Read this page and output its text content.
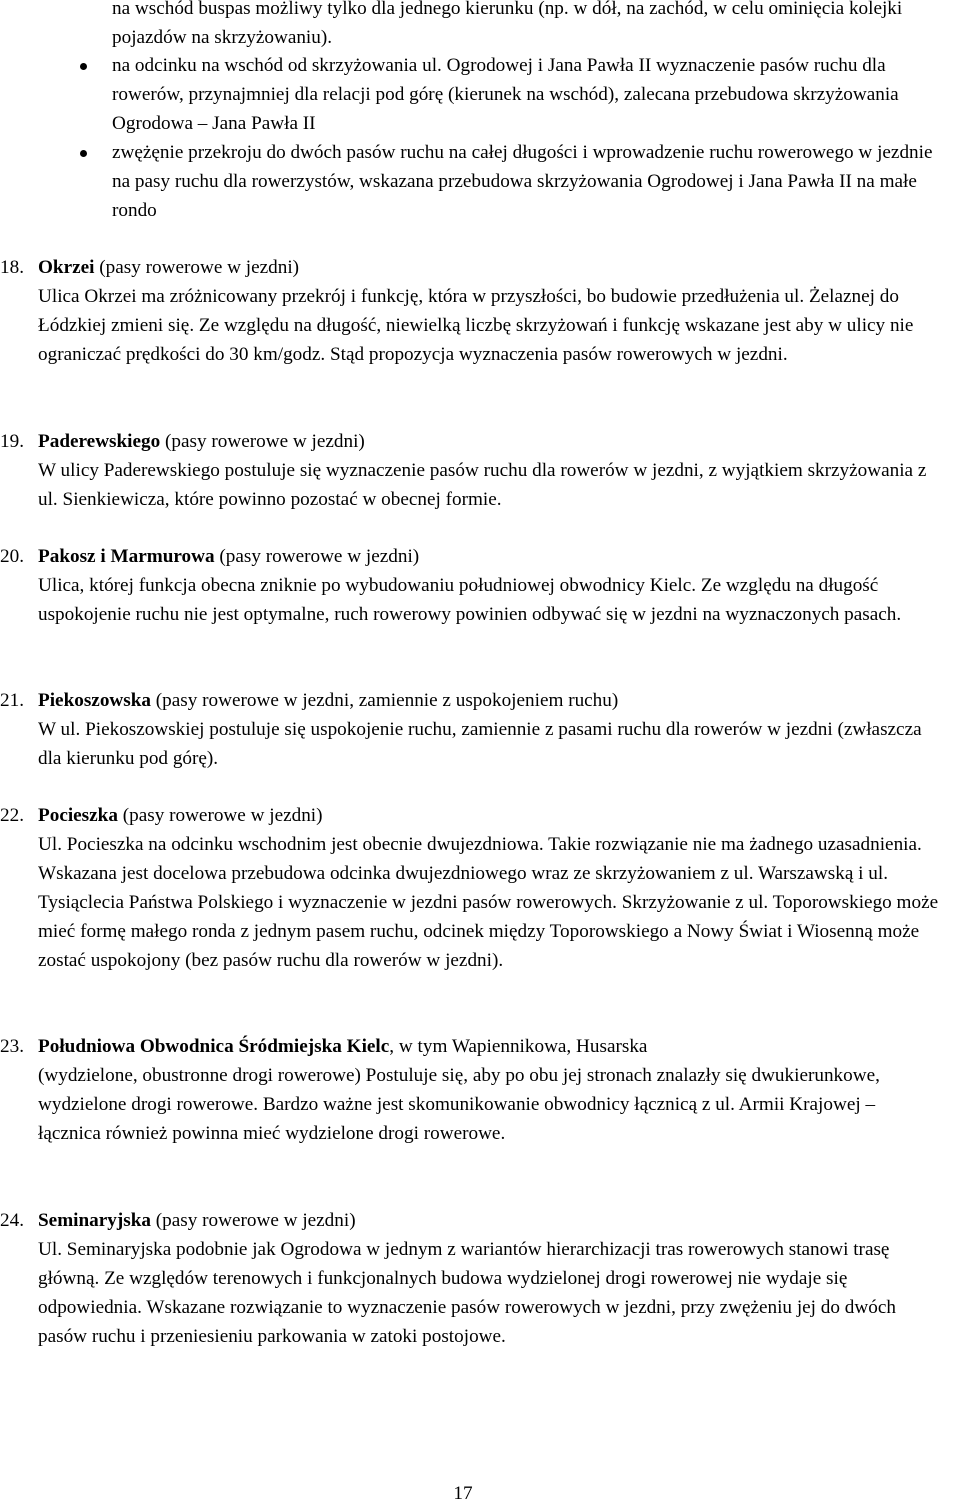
na wschód buspas możliwy tylko dla jednego kierunku (np. w dół, na zachód, w celu ominięcia kolejki pojazdów na skrzyżowaniu).

na odcinku na wschód od skrzyżowania ul. Ogrodowej i Jana Pawła II wyznaczenie pasów ruchu dla rowerów, przynajmniej dla relacji pod górę (kierunek na wschód), zalecana przebudowa skrzyżowania Ogrodowa – Jana Pawła II
zwężęnie przekroju do dwóch pasów ruchu na całej długości i wprowadzenie ruchu rowerowego w jezdnie na pasy ruchu dla rowerzystów, wskazana przebudowa skrzyżowania Ogrodowej i Jana Pawła II na małe rondo
18. Okrzei (pasy rowerowe w jezdni)
Ulica Okrzei ma zróżnicowany przekrój i funkcję, która w przyszłości, bo budowie przedłużenia ul. Żelaznej do Łódzkiej zmieni się. Ze względu na długość, niewielką liczbę skrzyżowań i funkcję wskazane jest aby w ulicy nie ograniczać prędkości do 30 km/godz. Stąd propozycja wyznaczenia pasów rowerowych w jezdni.
19. Paderewskiego (pasy rowerowe w jezdni)
W ulicy Paderewskiego postuluje się wyznaczenie pasów ruchu dla rowerów w jezdni, z wyjątkiem skrzyżowania z ul. Sienkiewicza, które powinno pozostać w obecnej formie.
20. Pakosz i Marmurowa (pasy rowerowe w jezdni)
Ulica, której funkcja obecna zniknie po wybudowaniu południowej obwodnicy Kielc. Ze względu na długość uspokojenie ruchu nie jest optymalne, ruch rowerowy powinien odbywać się w jezdni na wyznaczonych pasach.
21. Piekoszowska (pasy rowerowe w jezdni, zamiennie z uspokojeniem ruchu)
W ul. Piekoszowskiej postuluje się uspokojenie ruchu, zamiennie z pasami ruchu dla rowerów w jezdni (zwłaszcza dla kierunku pod górę).
22. Pocieszka (pasy rowerowe w jezdni)
Ul. Pocieszka na odcinku wschodnim jest obecnie dwujezdniowa. Takie rozwiązanie nie ma żadnego uzasadnienia. Wskazana jest docelowa przebudowa odcinka dwujezdniowego wraz ze skrzyżowaniem z ul. Warszawską i ul. Tysiąclecia Państwa Polskiego i wyznaczenie w jezdni pasów rowerowych. Skrzyżowanie z ul. Toporowskiego może mieć formę małego ronda z jednym pasem ruchu, odcinek między Toporowskiego a Nowy Świat i Wiosenną może zostać uspokojony (bez pasów ruchu dla rowerów w jezdni).
23. Południowa Obwodnica Śródmiejska Kielc, w tym Wapiennikowa, Husarska
(wydzielone, obustronne drogi rowerowe) Postuluje się, aby po obu jej stronach znalazły się dwukierunkowe, wydzielone drogi rowerowe. Bardzo ważne jest skomunikowanie obwodnicy łącznicą z ul. Armii Krajowej – łącznica również powinna mieć wydzielone drogi rowerowe.
24. Seminaryjska (pasy rowerowe w jezdni)
Ul. Seminaryjska podobnie jak Ogrodowa w jednym z wariantów hierarchizacji tras rowerowych stanowi trasę główną. Ze względów terenowych i funkcjonalnych budowa wydzielonej drogi rowerowej nie wydaje się odpowiednia. Wskazane rozwiązanie to wyznaczenie pasów rowerowych w jezdni, przy zwężeniu jej do dwóch pasów ruchu i przeniesieniu parkowania w zatoki postojowe.
17
